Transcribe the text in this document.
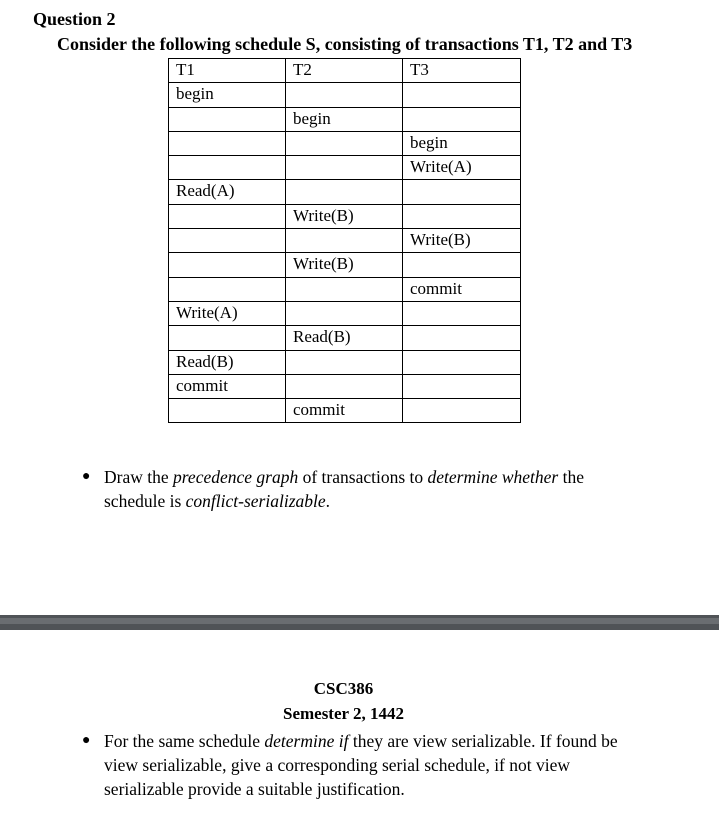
Question 2
Consider the following schedule S, consisting of transactions T1, T2 and T3
T1	T2	T3
begin		
	begin	
		begin
		Write(A)
Read(A)		
	Write(B)	
		Write(B)
	Write(B)	
		commit
Write(A)		
	Read(B)	
Read(B)		
commit		
	commit	
● Draw the precedence graph of transactions to determine whether the schedule is conflict-serializable.
CSC386
Semester 2, 1442
● For the same schedule determine if they are view serializable. If found be view serializable, give a corresponding serial schedule, if not view serializable provide a suitable justification.
